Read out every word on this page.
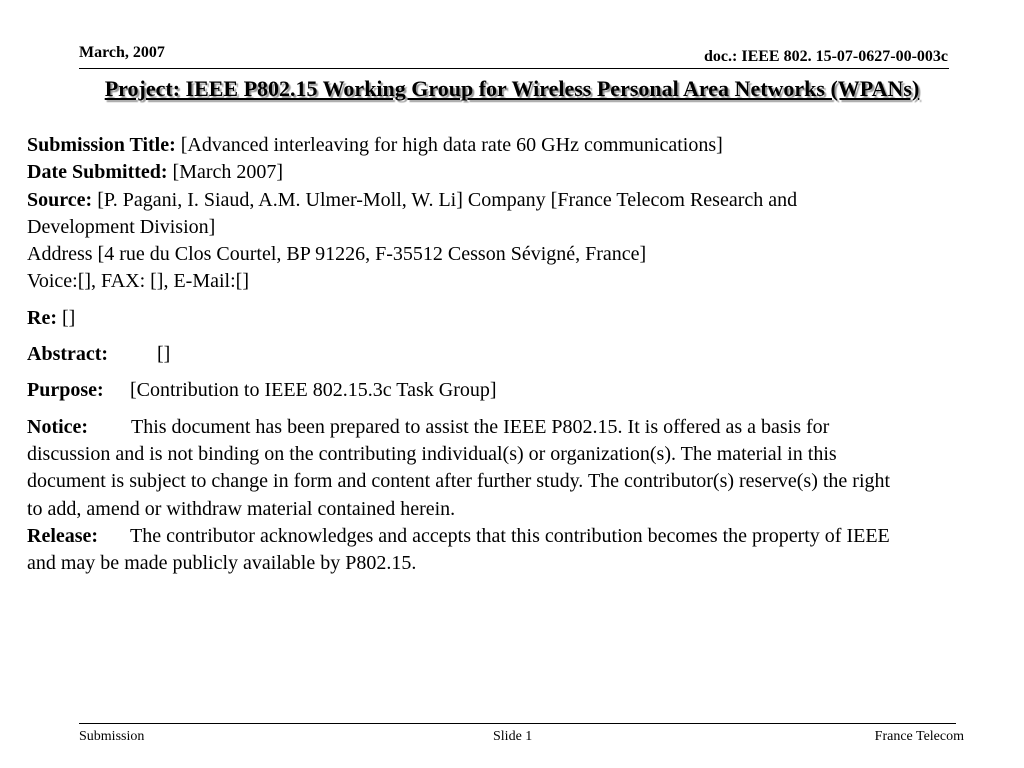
March, 2007	doc.: IEEE 802. 15-07-0627-00-003c
Project: IEEE P802.15 Working Group for Wireless Personal Area Networks (WPANs)

Submission Title: [Advanced interleaving for high data rate 60 GHz communications]

Date Submitted: [March 2007]

Source: [P. Pagani, I. Siaud, A.M. Ulmer-Moll, W. Li] Company [France Telecom Research and

Development Division]

Address [4 rue du Clos Courtel, BP 91226, F-35512 Cesson Sévigné, France]

Voice:[], FAX: [], E-Mail:[]

Re: []

Abstract: []

Purpose: [Contribution to IEEE 802.15.3c Task Group]

Notice: This document has been prepared to assist the IEEE P802.15. It is offered as a basis for

discussion and is not binding on the contributing individual(s) or organization(s). The material in this

document is subject to change in form and content after further study. The contributor(s) reserve(s) the right

to add, amend or withdraw material contained herein.

Release: The contributor acknowledges and accepts that this contribution becomes the property of IEEE

and may be made publicly available by P802.15.

Submission	Slide 1	France Telecom
